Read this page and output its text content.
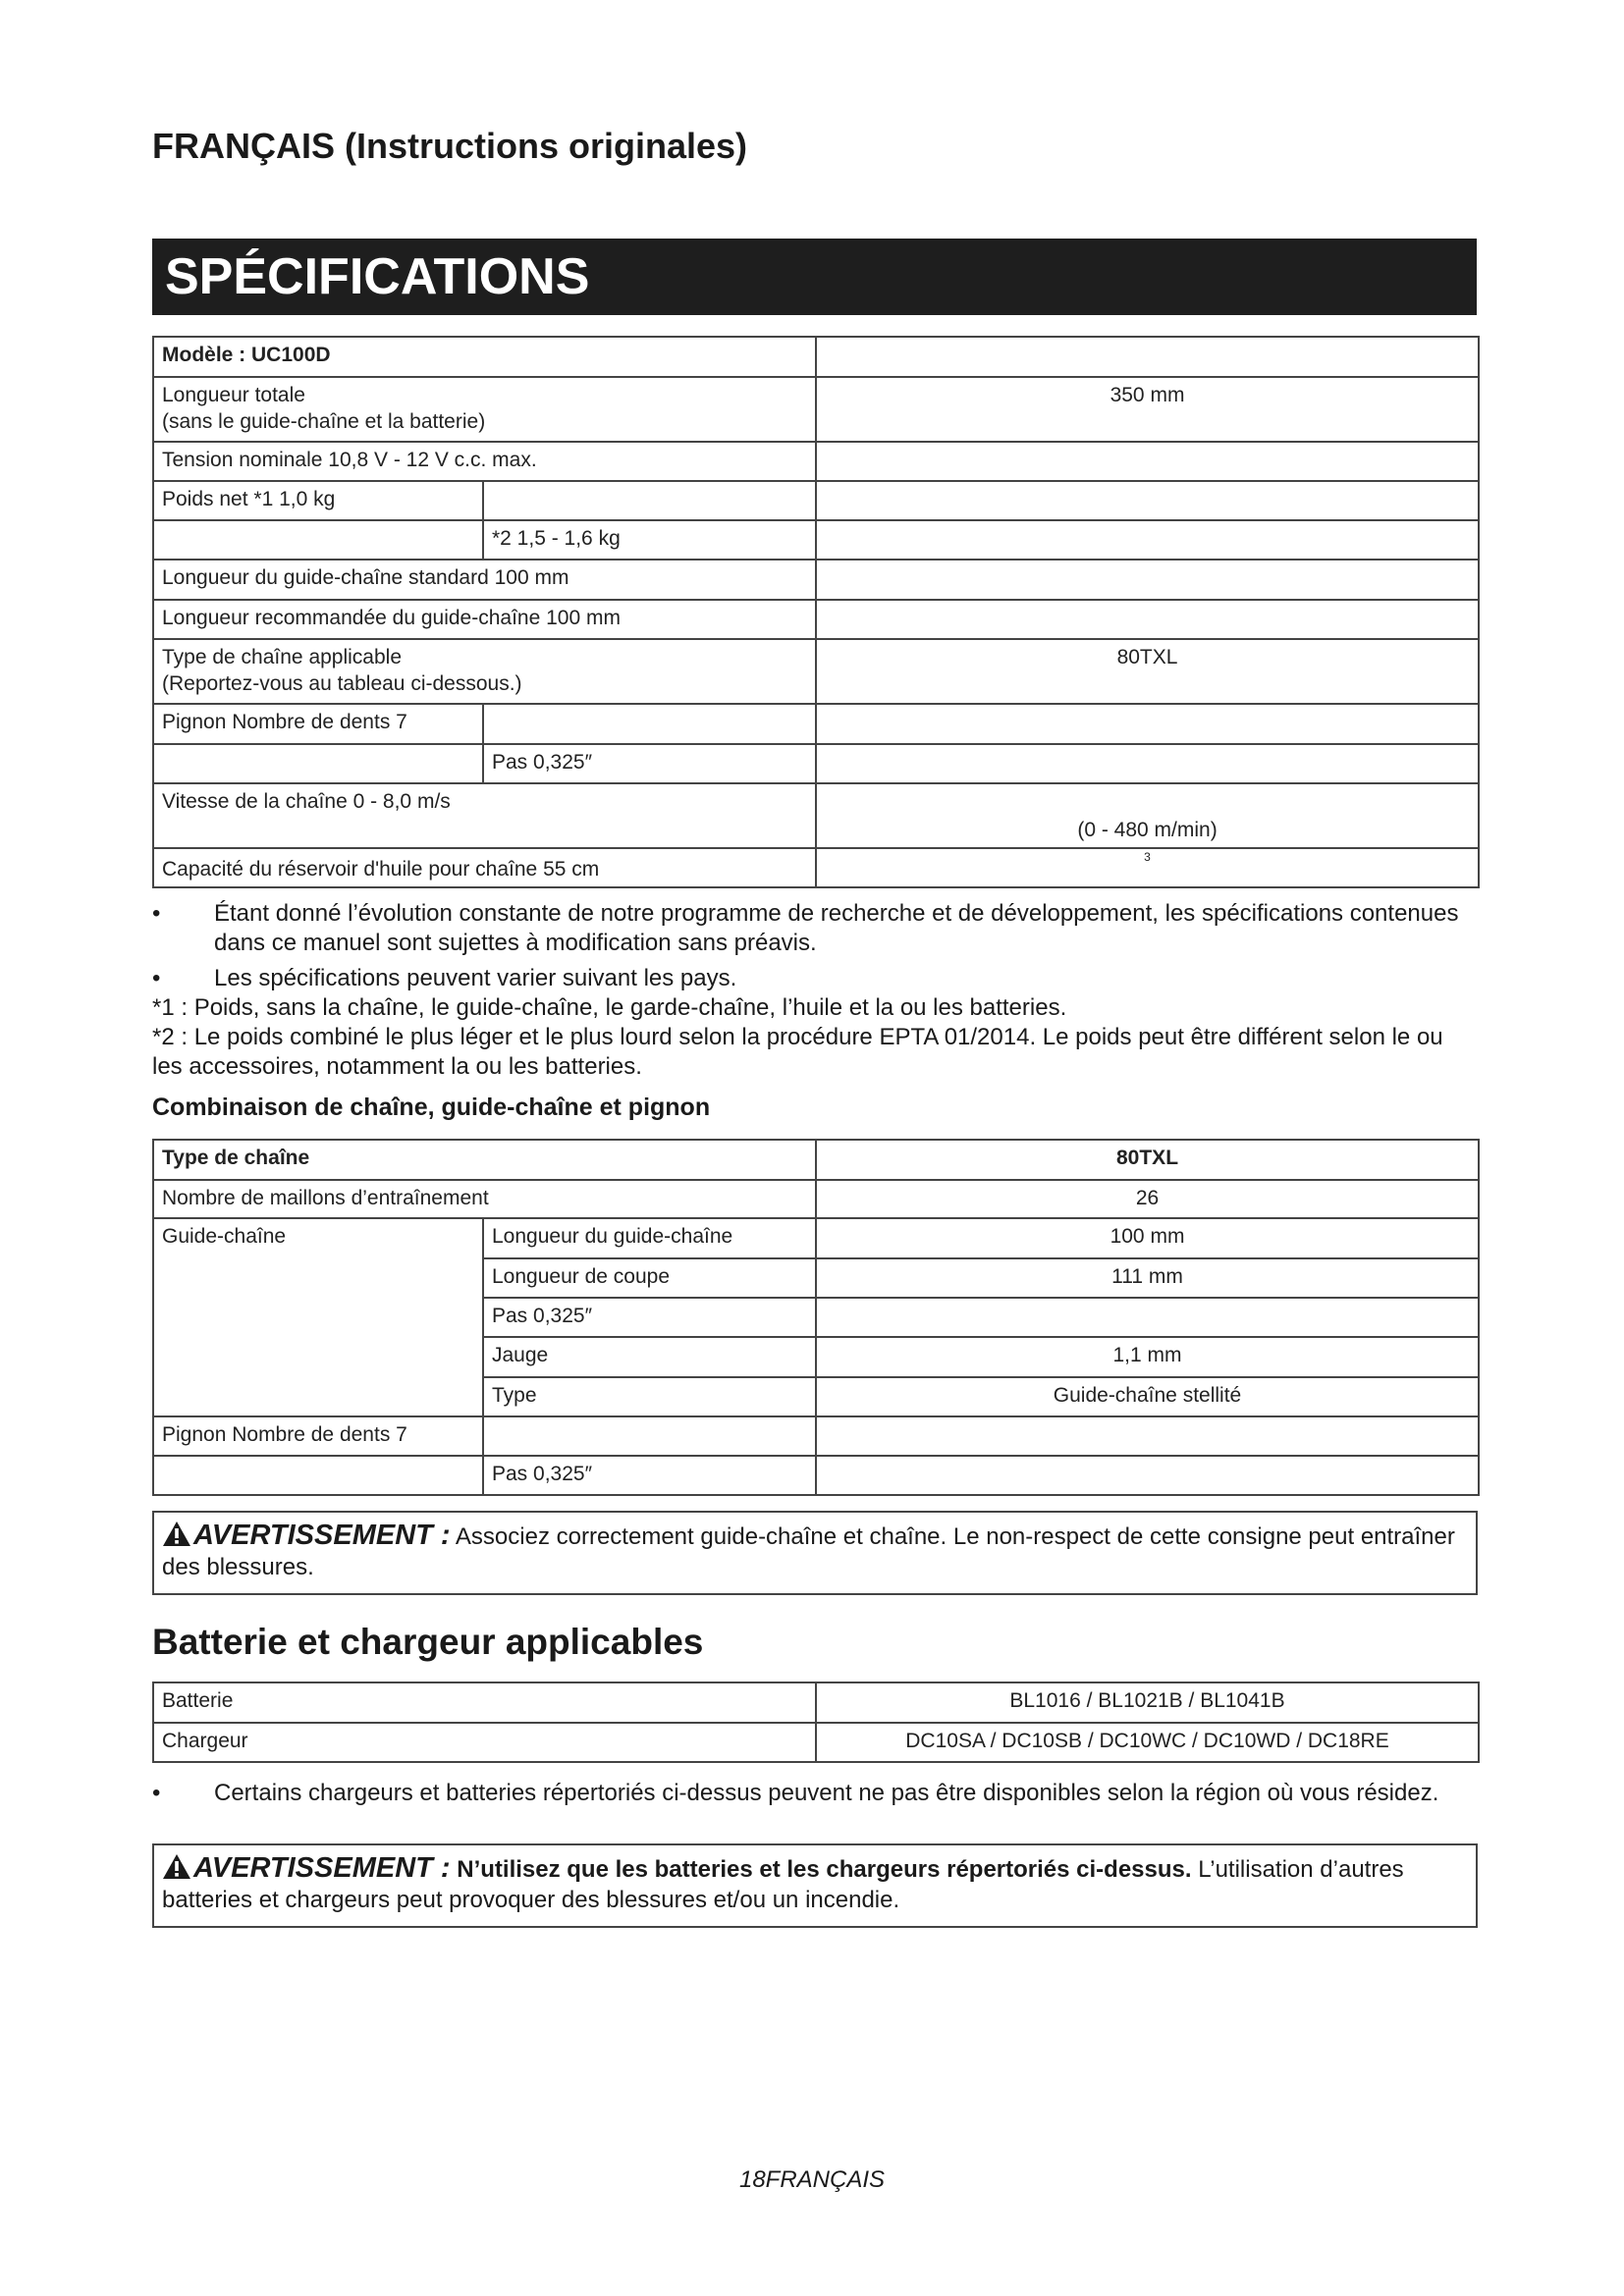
FRANÇAIS (Instructions originales)
SPÉCIFICATIONS
Modèle : UC100D		

Longueur totale
(sans le guide-chaîne et la batterie)		350 mm
Tension nominale 10,8 V - 12 V c.c. max.		
Poids net *1 1,0 kg		
	*2 1,5 - 1,6 kg	
Longueur du guide-chaîne standard 100 mm		
Longueur recommandée du guide-chaîne 100 mm		

Type de chaîne applicable
(Reportez-vous au tableau ci-dessous.)		80TXL
Pignon Nombre de dents 7		
	Pas 0,325″	
Vitesse de la chaîne 0 - 8,0 m/s		(0 - 480 m/min)
Capacité du réservoir d'huile pour chaîne 55 cm		3
•	Étant donné l’évolution constante de notre programme de recherche et de développement, les spécifications contenues dans ce manuel sont sujettes à modification sans préavis.
•	Les spécifications peuvent varier suivant les pays.

*1 : Poids, sans la chaîne, le guide-chaîne, le garde-chaîne, l’huile et la ou les batteries.

*2 : Le poids combiné le plus léger et le plus lourd selon la procédure EPTA 01/2014. Le poids peut être différent selon le ou les accessoires, notamment la ou les batteries.

Combinaison de chaîne, guide-chaîne et pignon
Type de chaîne		80TXL
Nombre de maillons d’entraînement		26
Guide-chaîne	Longueur du guide-chaîne	100 mm
	Longueur de coupe	111 mm
	Pas 0,325″	
	Jauge	1,1 mm
	Type	Guide-chaîne stellité
Pignon Nombre de dents 7		
	Pas 0,325″	
AVERTISSEMENT : Associez correctement guide-chaîne et chaîne. Le non-respect de cette consigne peut entraîner des blessures.
Batterie et chargeur applicables
Batterie	BL1016 / BL1021B / BL1041B
Chargeur	DC10SA / DC10SB / DC10WC / DC10WD / DC18RE
•	Certains chargeurs et batteries répertoriés ci-dessus peuvent ne pas être disponibles selon la région où vous résidez.
AVERTISSEMENT : N’utilisez que les batteries et les chargeurs répertoriés ci-dessus. L’utilisation d’autres batteries et chargeurs peut provoquer des blessures et/ou un incendie.
18FRANÇAIS
